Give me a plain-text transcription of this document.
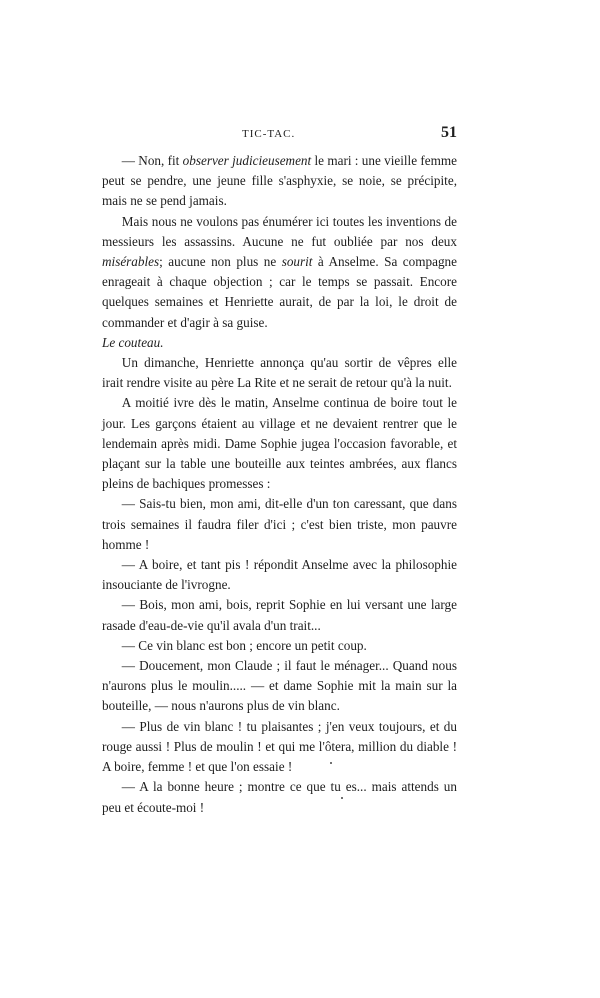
TIC-TAC.	51

— Non, fit observer judicieusement le mari : une vieille femme peut se pendre, une jeune fille s'asphyxie, se noie, se précipite, mais ne se pend jamais.

Mais nous ne voulons pas énumérer ici toutes les inventions de messieurs les assassins. Aucune ne fut oubliée par nos deux misérables; aucune non plus ne sourit à Anselme. Sa compagne enrageait à chaque objection ; car le temps se passait. Encore quelques semaines et Henriette aurait, de par la loi, le droit de commander et d'agir à sa guise.

Le couteau.

Un dimanche, Henriette annonça qu'au sortir de vêpres elle irait rendre visite au père La Rite et ne serait de retour qu'à la nuit.

A moitié ivre dès le matin, Anselme continua de boire tout le jour. Les garçons étaient au village et ne devaient rentrer que le lendemain après midi. Dame Sophie jugea l'occasion favorable, et plaçant sur la table une bouteille aux teintes ambrées, aux flancs pleins de bachiques promesses :

— Sais-tu bien, mon ami, dit-elle d'un ton caressant, que dans trois semaines il faudra filer d'ici ; c'est bien triste, mon pauvre homme !

— A boire, et tant pis ! répondit Anselme avec la philosophie insouciante de l'ivrogne.

— Bois, mon ami, bois, reprit Sophie en lui versant une large rasade d'eau-de-vie qu'il avala d'un trait...

— Ce vin blanc est bon ; encore un petit coup.

— Doucement, mon Claude ; il faut le ménager... Quand nous n'aurons plus le moulin..... — et dame Sophie mit la main sur la bouteille, — nous n'aurons plus de vin blanc.

— Plus de vin blanc ! tu plaisantes ; j'en veux toujours, et du rouge aussi ! Plus de moulin ! et qui me l'ôtera, million du diable ! A boire, femme ! et que l'on essaie !

— A la bonne heure ; montre ce que tu es... mais attends un peu et écoute-moi !
